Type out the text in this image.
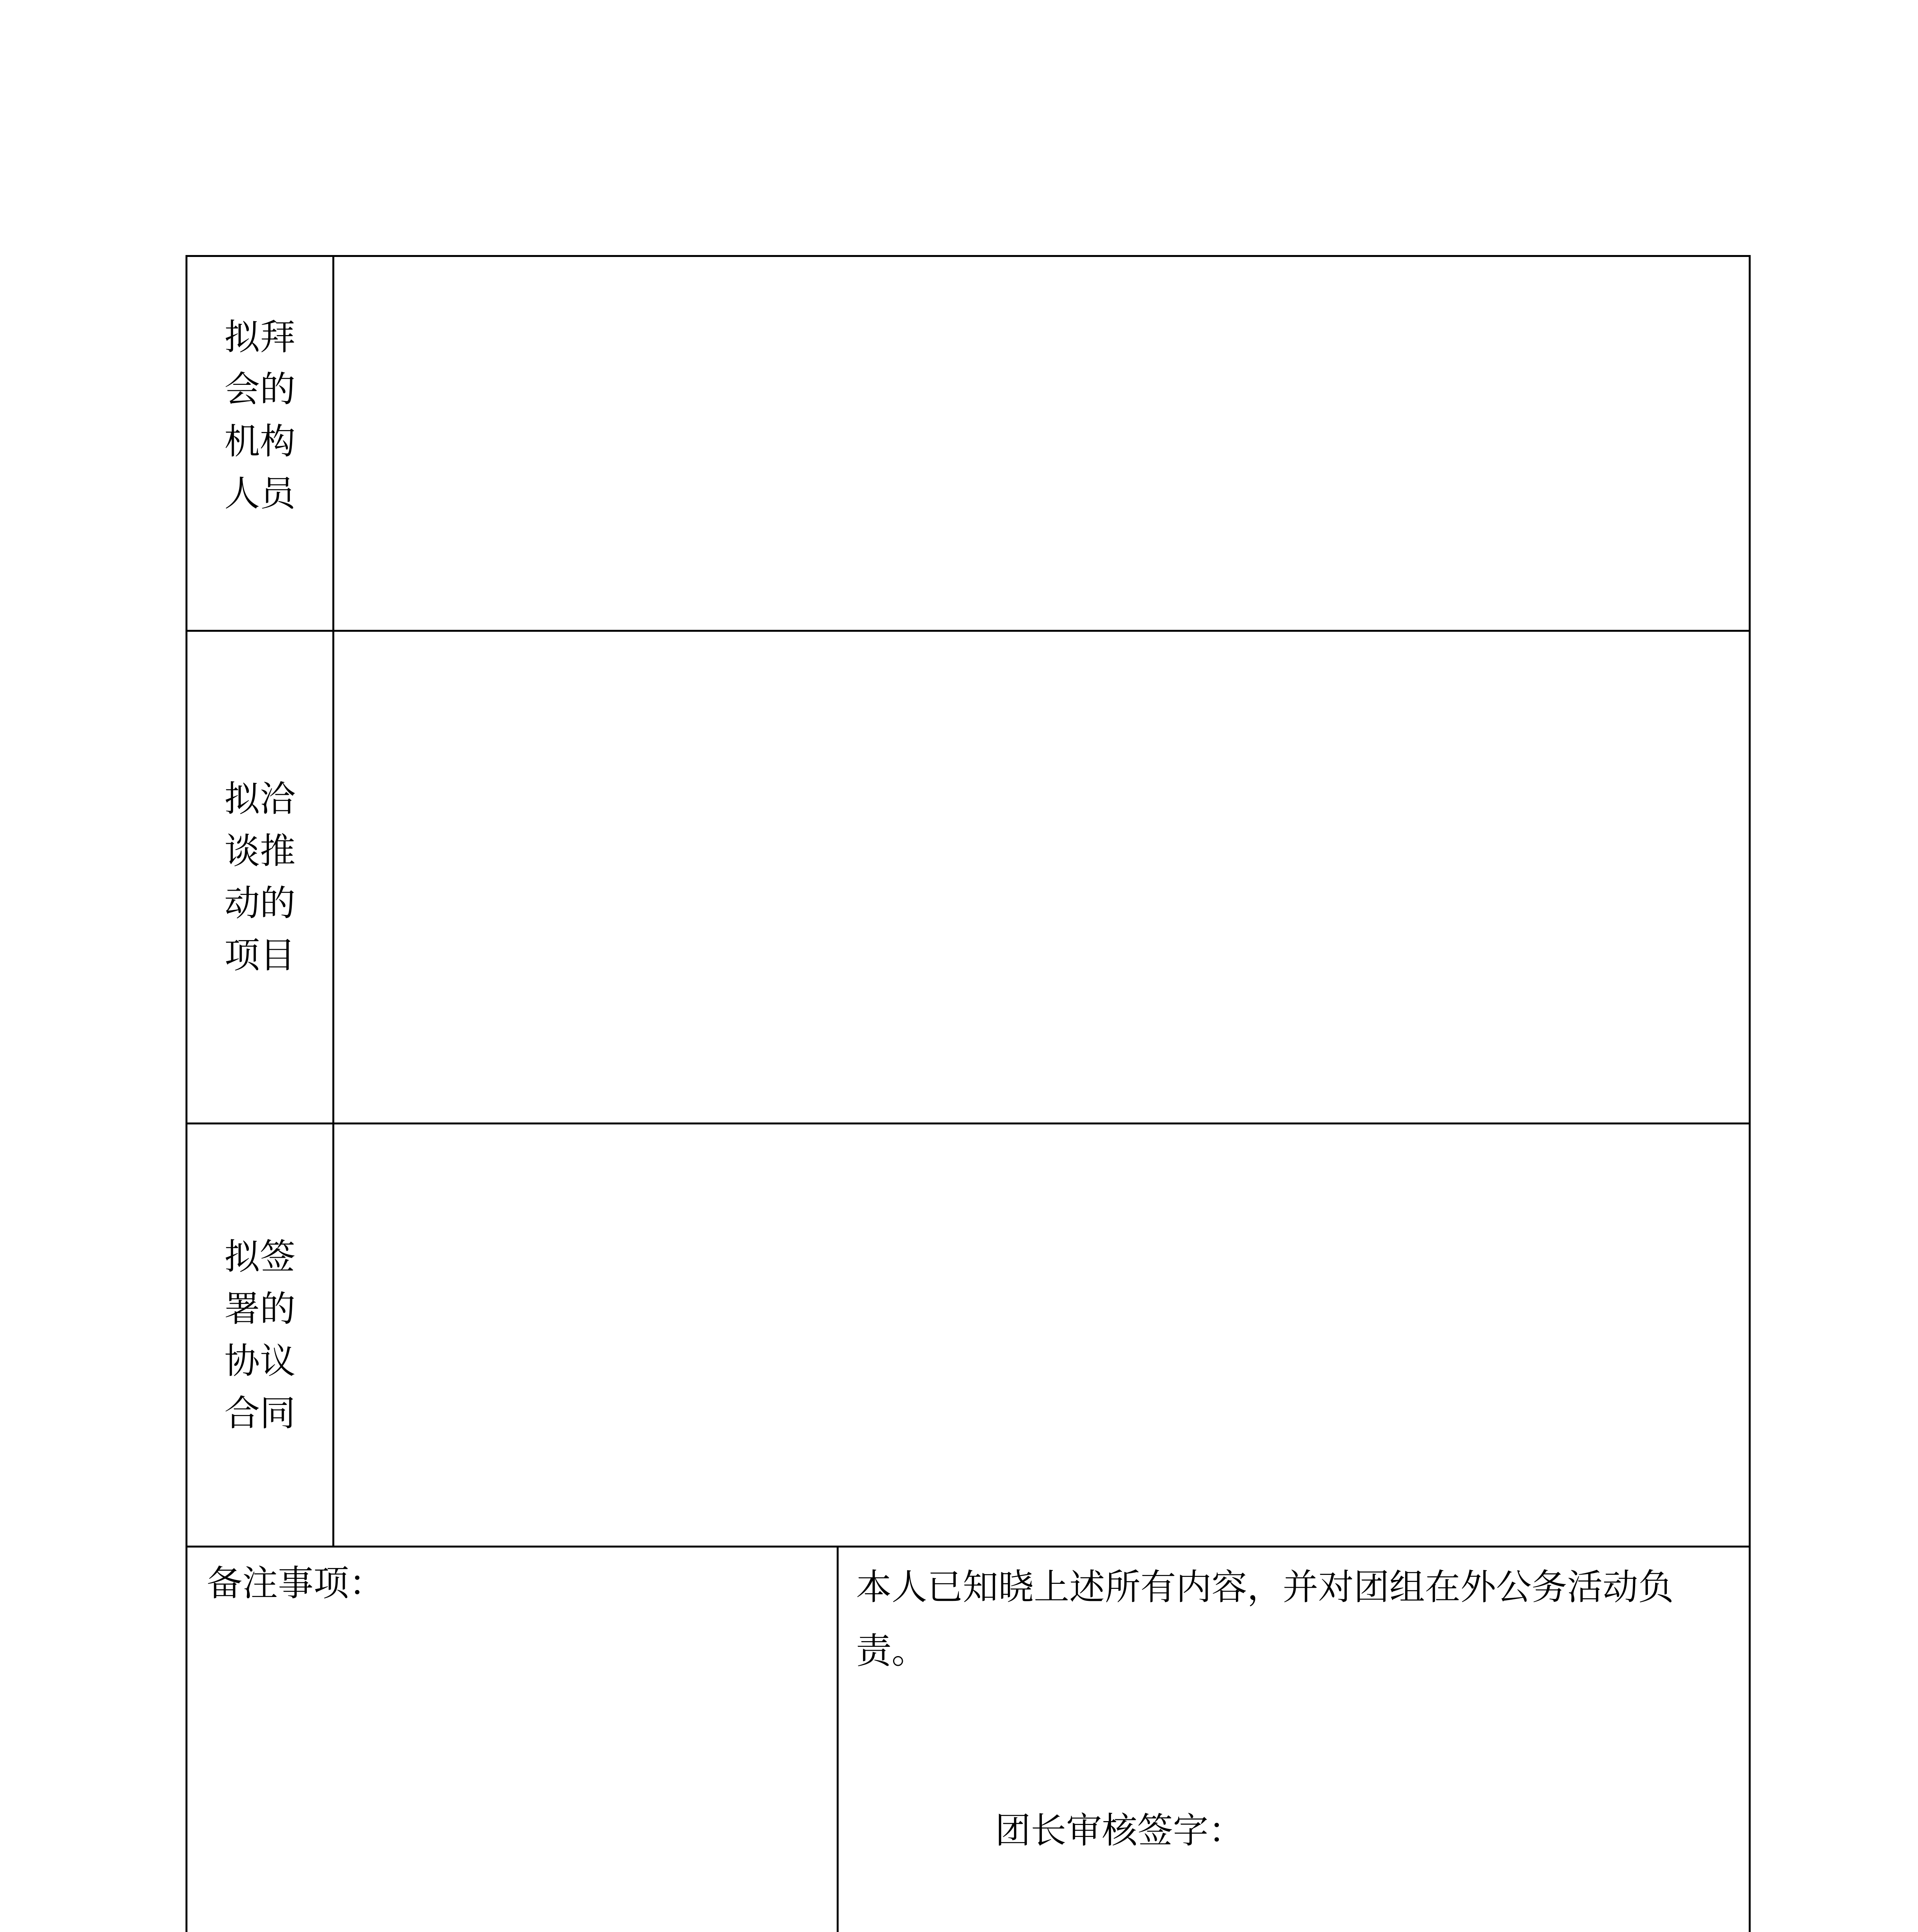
拟拜
会的
机构
人员
拟洽
谈推
动的
项目
拟签
署的
协议
合同
备注事项：	本人已知晓上述所有内容，并对团组在外公务活动负
责。
团长审核签字：
